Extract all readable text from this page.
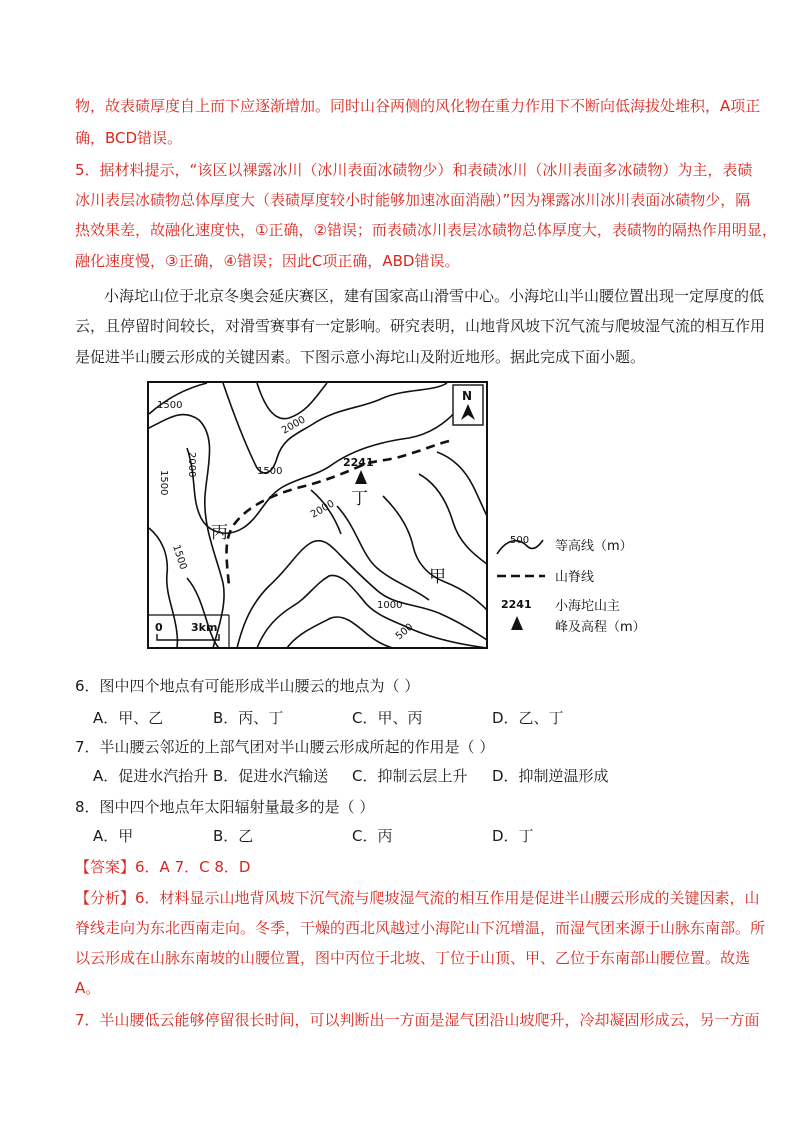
物，故表碛厚度自上而下应逐渐增加。同时山谷两侧的风化物在重力作用下不断向低海拔处堆积，A项正
确，BCD错误。
5．据材料提示，“该区以裸露冰川（冰川表面冰碛物少）和表碛冰川（冰川表面多冰碛物）为主，表碛
冰川表层冰碛物总体厚度大（表碛厚度较小时能够加速冰面消融）”因为裸露冰川冰川表面冰碛物少，隔
热效果差，故融化速度快，①正确，②错误；而表碛冰川表层冰碛物总体厚度大，表碛物的隔热作用明显，
融化速度慢，③正确，④错误；因此C项正确，ABD错误。
小海坨山位于北京冬奥会延庆赛区，建有国家高山滑雪中心。小海坨山半山腰位置出现一定厚度的低
云，且停留时间较长，对滑雪赛事有一定影响。研究表明，山地背风坡下沉气流与爬坡湿气流的相互作用
是促进半山腰云形成的关键因素。下图示意小海坨山及附近地形。据此完成下面小题。
N
2241
丁
丙
甲
1500
2000
1500	1500
2000
1500
2000
1000
500
0	3km
500 等高线（m）
山脊线
2241 小海坨山主
峰及高程（m）
6．图中四个地点有可能形成半山腰云的地点为（ ）
A．甲、乙	B．丙、丁	C．甲、丙	D．乙、丁
7．半山腰云邻近的上部气团对半山腰云形成所起的作用是（ ）
A．促进水汽抬升 B．促进水汽输送 C．抑制云层上升 D．抑制逆温形成
8．图中四个地点年太阳辐射量最多的是（ ）
A．甲	B．乙	C．丙	D．丁
【答案】6．A 7．C 8．D
【分析】6．材料显示山地背风坡下沉气流与爬坡湿气流的相互作用是促进半山腰云形成的关键因素，山
脊线走向为东北西南走向。冬季，干燥的西北风越过小海陀山下沉增温，而湿气团来源于山脉东南部。所
以云形成在山脉东南坡的山腰位置，图中丙位于北坡、丁位于山顶、甲、乙位于东南部山腰位置。故选
A。
7．半山腰低云能够停留很长时间，可以判断出一方面是湿气团沿山坡爬升，冷却凝固形成云，另一方面
